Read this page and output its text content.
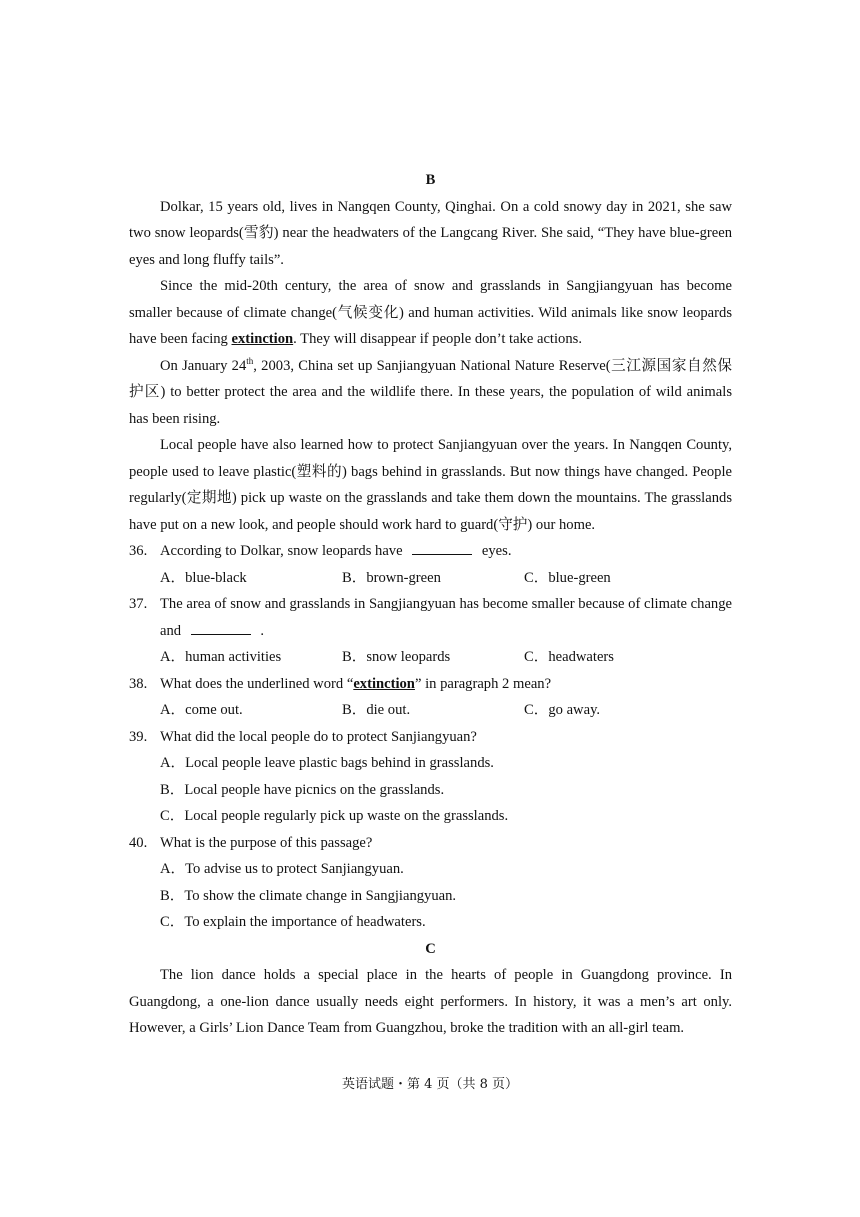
B

Dolkar, 15 years old, lives in Nangqen County, Qinghai. On a cold snowy day in 2021, she saw two snow leopards(雪豹) near the headwaters of the Langcang River. She said, “They have blue-green eyes and long fluffy tails”.

Since the mid-20th century, the area of snow and grasslands in Sangjiangyuan has become smaller because of climate change(气候变化) and human activities. Wild animals like snow leopards have been facing extinction. They will disappear if people don’t take actions.

On January 24th, 2003, China set up Sanjiangyuan National Nature Reserve(三江源国家自然保护区) to better protect the area and the wildlife there. In these years, the population of wild animals has been rising.

Local people have also learned how to protect Sanjiangyuan over the years. In Nangqen County, people used to leave plastic(塑料的) bags behind in grasslands. But now things have changed. People regularly(定期地) pick up waste on the grasslands and take them down the mountains. The grasslands have put on a new look, and people should work hard to guard(守护) our home.

36. According to Dolkar, snow leopards have	eyes.
A．blue-black	B．brown-green	C．blue-green
37. The area of snow and grasslands in Sangjiangyuan has become smaller because of climate change and	.
A．human activities	B．snow leopards	C．headwaters
38. What does the underlined word “extinction” in paragraph 2 mean?
A．come out.	B．die out.	C．go away.
39. What did the local people do to protect Sanjiangyuan?

A．Local people leave plastic bags behind in grasslands.

B．Local people have picnics on the grasslands.

C．Local people regularly pick up waste on the grasslands.

40. What is the purpose of this passage?

A．To advise us to protect Sanjiangyuan.

B．To show the climate change in Sangjiangyuan.

C．To explain the importance of headwaters.

C

The lion dance holds a special place in the hearts of people in Guangdong province. In Guangdong, a one-lion dance usually needs eight performers. In history, it was a men’s art only. However, a Girls’ Lion Dance Team from Guangzhou, broke the tradition with an all-girl team.

英语试题・第 4 页（共 8 页）
